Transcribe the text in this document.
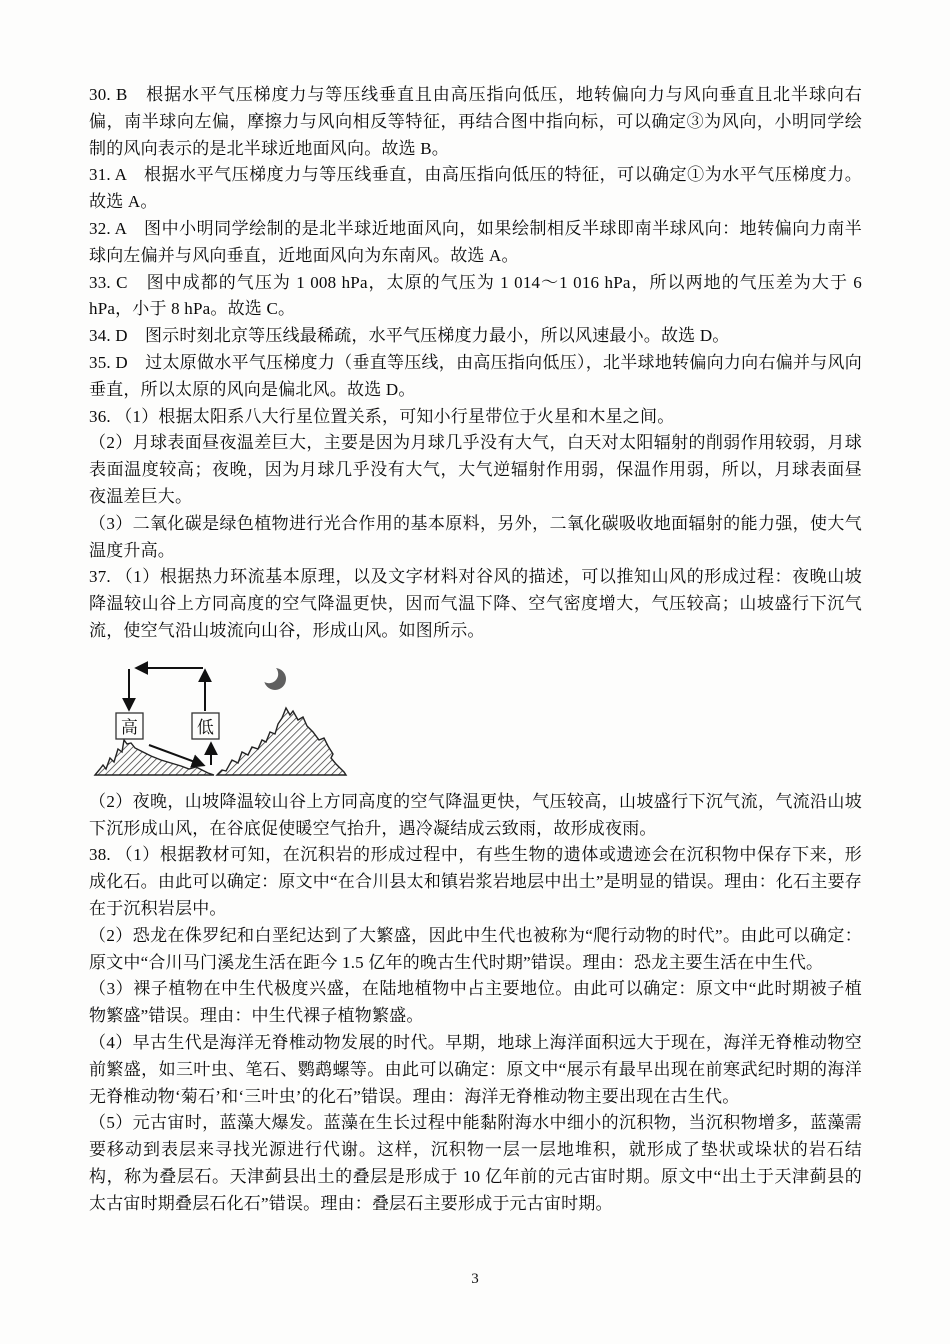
30. B　根据水平气压梯度力与等压线垂直且由高压指向低压，地转偏向力与风向垂直且北半球向右偏，南半球向左偏，摩擦力与风向相反等特征，再结合图中指向标，可以确定③为风向，小明同学绘制的风向表示的是北半球近地面风向。故选 B。

31. A　根据水平气压梯度力与等压线垂直，由高压指向低压的特征，可以确定①为水平气压梯度力。故选 A。

32. A　图中小明同学绘制的是北半球近地面风向，如果绘制相反半球即南半球风向：地转偏向力南半球向左偏并与风向垂直，近地面风向为东南风。故选 A。

33. C　图中成都的气压为 1 008 hPa，太原的气压为 1 014～1 016 hPa，所以两地的气压差为大于 6 hPa，小于 8 hPa。故选 C。

34. D　图示时刻北京等压线最稀疏，水平气压梯度力最小，所以风速最小。故选 D。

35. D　过太原做水平气压梯度力（垂直等压线，由高压指向低压），北半球地转偏向力向右偏并与风向垂直，所以太原的风向是偏北风。故选 D。

36. （1）根据太阳系八大行星位置关系，可知小行星带位于火星和木星之间。

（2）月球表面昼夜温差巨大，主要是因为月球几乎没有大气，白天对太阳辐射的削弱作用较弱，月球表面温度较高；夜晚，因为月球几乎没有大气，大气逆辐射作用弱，保温作用弱，所以，月球表面昼夜温差巨大。

（3）二氧化碳是绿色植物进行光合作用的基本原料，另外，二氧化碳吸收地面辐射的能力强，使大气温度升高。

37. （1）根据热力环流基本原理，以及文字材料对谷风的描述，可以推知山风的形成过程：夜晚山坡降温较山谷上方同高度的空气降温更快，因而气温下降、空气密度增大，气压较高；山坡盛行下沉气流，使空气沿山坡流向山谷，形成山风。如图所示。

高	低

（2）夜晚，山坡降温较山谷上方同高度的空气降温更快，气压较高，山坡盛行下沉气流，气流沿山坡下沉形成山风，在谷底促使暖空气抬升，遇冷凝结成云致雨，故形成夜雨。

38. （1）根据教材可知，在沉积岩的形成过程中，有些生物的遗体或遗迹会在沉积物中保存下来，形成化石。由此可以确定：原文中“在合川县太和镇岩浆岩地层中出土”是明显的错误。理由：化石主要存在于沉积岩层中。

（2）恐龙在侏罗纪和白垩纪达到了大繁盛，因此中生代也被称为“爬行动物的时代”。由此可以确定：原文中“合川马门溪龙生活在距今 1.5 亿年的晚古生代时期”错误。理由：恐龙主要生活在中生代。

（3）裸子植物在中生代极度兴盛，在陆地植物中占主要地位。由此可以确定：原文中“此时期被子植物繁盛”错误。理由：中生代裸子植物繁盛。

（4）早古生代是海洋无脊椎动物发展的时代。早期，地球上海洋面积远大于现在，海洋无脊椎动物空前繁盛，如三叶虫、笔石、鹦鹉螺等。由此可以确定：原文中“展示有最早出现在前寒武纪时期的海洋无脊椎动物‘菊石’和‘三叶虫’的化石”错误。理由：海洋无脊椎动物主要出现在古生代。

（5）元古宙时，蓝藻大爆发。蓝藻在生长过程中能黏附海水中细小的沉积物，当沉积物增多，蓝藻需要移动到表层来寻找光源进行代谢。这样，沉积物一层一层地堆积，就形成了垫状或垛状的岩石结构，称为叠层石。天津蓟县出土的叠层是形成于 10 亿年前的元古宙时期。原文中“出土于天津蓟县的太古宙时期叠层石化石”错误。理由：叠层石主要形成于元古宙时期。

3
